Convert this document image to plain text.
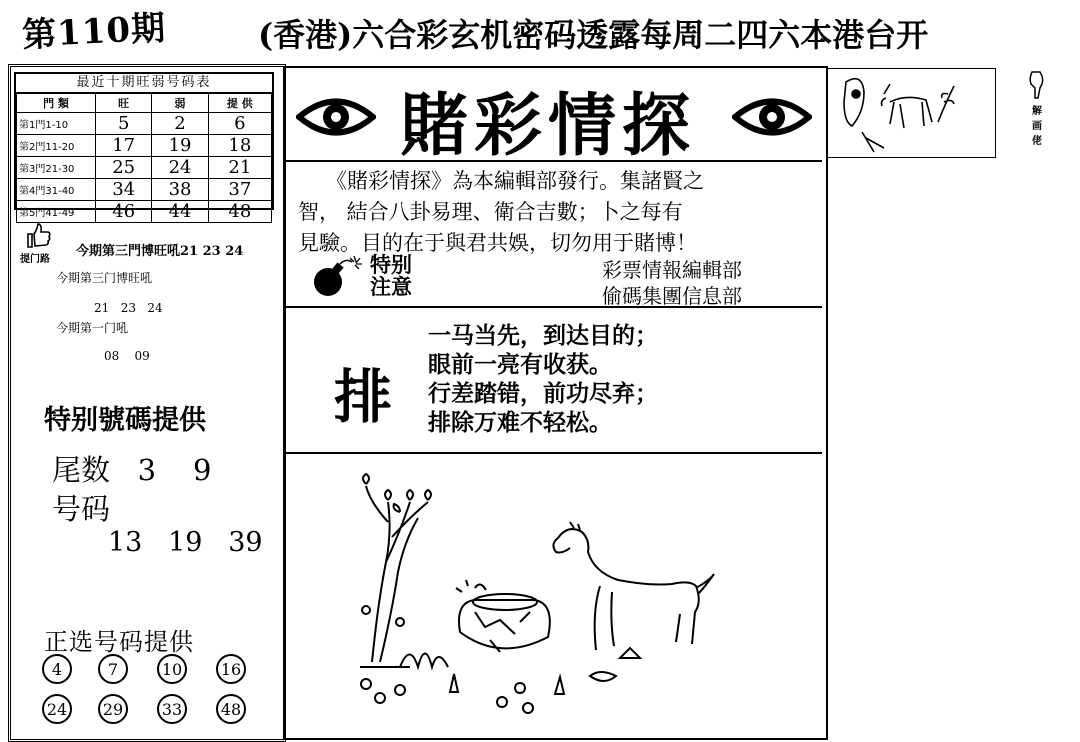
第110期	(香港)六合彩玄机密码透露每周二四六本港台开
最近十期旺弱号码表
門 類	旺	弱	提 供
第1門1-10	5	2	6
第2門11-20	17	19	18
第3門21-30	25	24	21
第4門31-40	34	38	37
第5門41-49	46	44	48
提门路
今期第三門博旺吼21 23 24
今期第三门博旺吼
21   23   24
今期第一门吼
08    09
特别號碼提供
尾数   3    9
号码
13   19   39
正选号码提供
4	7	10	16
24	29	33	48
賭彩情探
《賭彩情探》為本編輯部發行。集諸賢之
智， 結合八卦易理、衛合吉數；卜之每有
見驗。目的在于與君共娛，切勿用于賭博！
特别
注意
彩票情報編輯部
偷碼集團信息部
排
一马当先，到达目的；
眼前一亮有收获。
行差踏错，前功尽弃；
排除万难不轻松。
解画佬
